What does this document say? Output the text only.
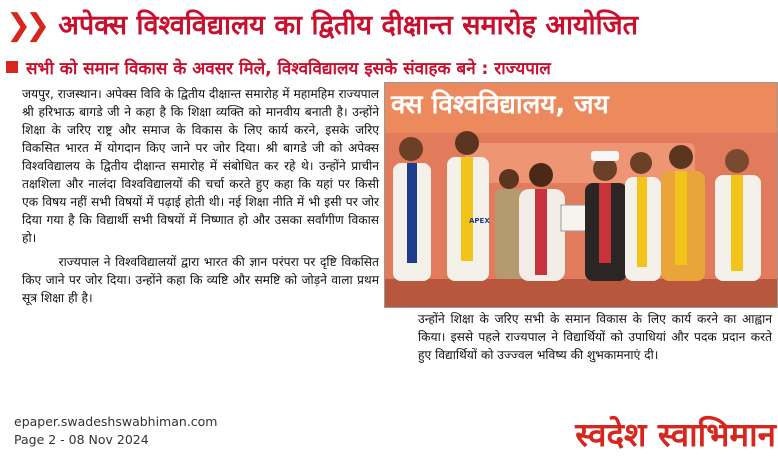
❯❯ अपेक्स विश्वविद्यालय का द्वितीय दीक्षान्त समारोह आयोजित
सभी को समान विकास के अवसर मिले, विश्वविद्यालय इसके संवाहक बने : राज्यपाल

जयपुर, राजस्थान। अपेक्स विवि के द्वितीय दीक्षान्त समारोह में महामहिम राज्यपाल श्री हरिभाऊ बागडे जी ने कहा है कि शिक्षा व्यक्ति को मानवीय बनाती है। उन्होंने शिक्षा के जरिए राष्ट्र और समाज के विकास के लिए कार्य करने, इसके जरिए विकसित भारत में योगदान किए जाने पर जोर दिया। श्री बागडे जी को अपेक्स विश्वविद्यालय के द्वितीय दीक्षान्त समारोह में संबोधित कर रहे थे। उन्होंने प्राचीन तक्षशिला और नालंदा विश्वविद्यालयों की चर्चा करते हुए कहा कि यहां पर किसी एक विषय नहीं सभी विषयों में पढ़ाई होती थी। नई शिक्षा नीति में भी इसी पर जोर दिया गया है कि विद्यार्थी सभी विषयों में निष्णात हो और उसका सर्वांगीण विकास हो।

राज्यपाल ने विश्वविद्यालयों द्वारा भारत की ज्ञान परंपरा पर दृष्टि विकसित किए जाने पर जोर दिया। उन्होंने कहा कि व्यष्टि और समष्टि को जोड़ने वाला प्रथम सूत्र शिक्षा ही है।

क्स विश्वविद्यालय, जय
APEX

उन्होंने शिक्षा के जरिए सभी के समान विकास के लिए कार्य करने का आह्वान किया। इससे पहले राज्यपाल ने विद्यार्थियों को उपाधियां और पदक प्रदान करते हुए विद्यार्थियों को उज्ज्वल भविष्य की शुभकामनाएं दी।

epaper.swadeshswabhiman.com
Page 2 - 08 Nov 2024	स्वदेश स्वाभिमान
